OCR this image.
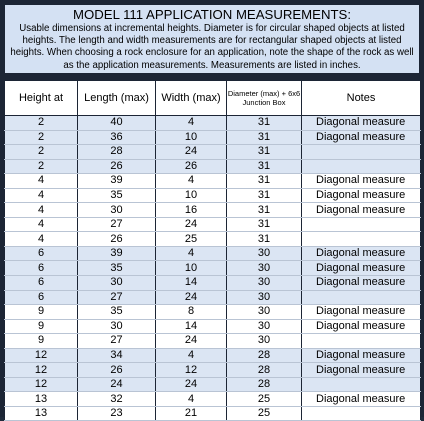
MODEL 111 APPLICATION MEASUREMENTS:
Usable dimensions at incremental heights. Diameter is for circular shaped objects at listed heights. The length and width measurements are for rectangular shaped objects at listed heights. When choosing a rock enclosure for an application, note the shape of the rock as well as the application measurements. Measurements are listed in inches.
Height at	Length (max)	Width (max)	Diameter (max) + 6x6 Junction Box	Notes
2	40	4	31	Diagonal measure
2	36	10	31	Diagonal measure
2	28	24	31	
2	26	26	31	
4	39	4	31	Diagonal measure
4	35	10	31	Diagonal measure
4	30	16	31	Diagonal measure
4	27	24	31	
4	26	25	31	
6	39	4	30	Diagonal measure
6	35	10	30	Diagonal measure
6	30	14	30	Diagonal measure
6	27	24	30	
9	35	8	30	Diagonal measure
9	30	14	30	Diagonal measure
9	27	24	30	
12	34	4	28	Diagonal measure
12	26	12	28	Diagonal measure
12	24	24	28	
13	32	4	25	Diagonal measure
13	23	21	25	
